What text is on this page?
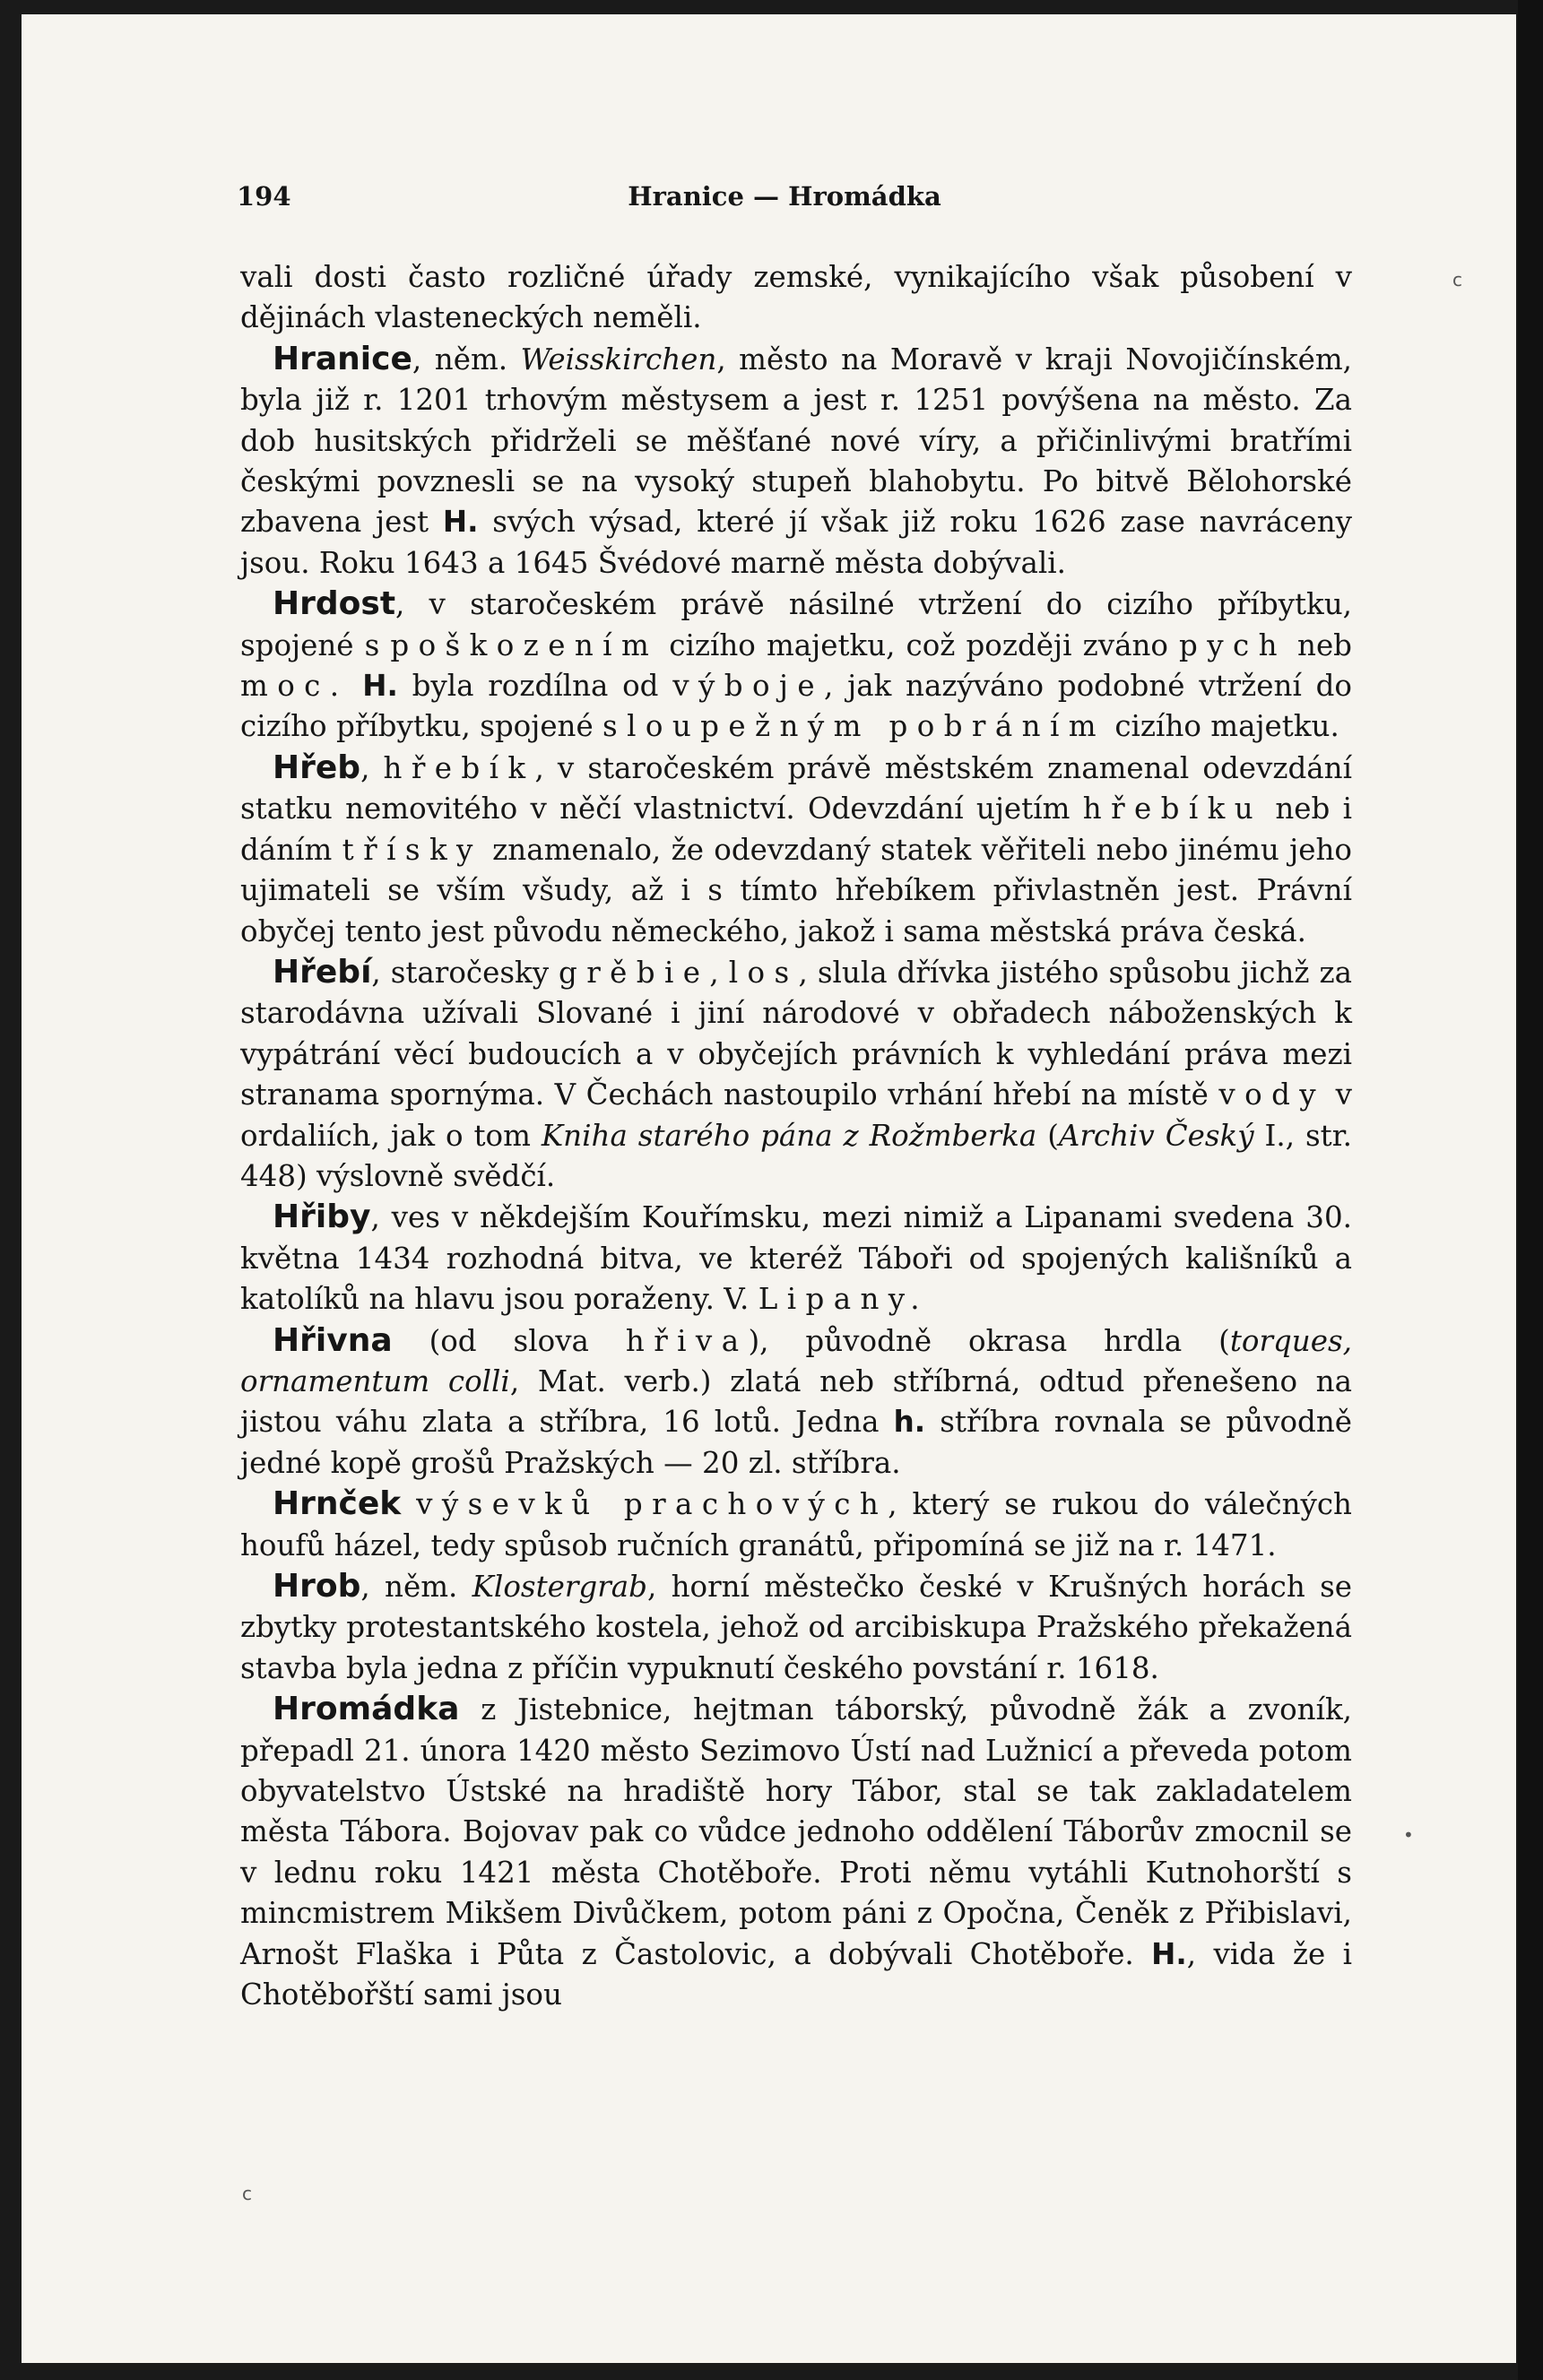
194	Hranice — Hromádka

vali dosti často rozličné úřady zemské, vynikajícího však působení v dějinách vlasteneckých neměli.

Hranice, něm. Weisskirchen, město na Moravě v kraji Novojičínském, byla již r. 1201 trhovým městysem a jest r. 1251 povýšena na město. Za dob husitských přidrželi se měšťané nové víry, a přičinlivými bratřími českými povznesli se na vysoký stupeň blahobytu. Po bitvě Bělohorské zbavena jest H. svých výsad, které jí však již roku 1626 zase navráceny jsou. Roku 1643 a 1645 Švédové marně města dobývali.

Hrdost, v staročeském právě násilné vtržení do cizího příbytku, spojené s poškozením cizího majetku, což později zváno pych neb moc. H. byla rozdílna od výboje, jak nazýváno podobné vtržení do cizího příbytku, spojené s loupežným pobráním cizího majetku.

Hřeb, hřebík, v staročeském právě městském znamenal odevzdání statku nemovitého v něčí vlastnictví. Odevzdání ujetím hřebíku neb i dáním třísky znamenalo, že odevzdaný statek věřiteli nebo jinému jeho ujimateli se vším všudy, až i s tímto hřebíkem přivlastněn jest. Právní obyčej tento jest původu německého, jakož i sama městská práva česká.

Hřebí, staročesky grěbie, los, slula dřívka jistého spůsobu jichž za starodávna užívali Slované i jiní národové v obřadech náboženských k vypátrání věcí budoucích a v obyčejích právních k vyhledání práva mezi stranama spornýma. V Čechách nastoupilo vrhání hřebí na místě vody v ordaliích, jak o tom Kniha starého pána z Rožmberka (Archiv Český I., str. 448) výslovně svědčí.

Hřiby, ves v někdejším Kouřímsku, mezi nimiž a Lipanami svedena 30. května 1434 rozhodná bitva, ve kteréž Táboři od spojených kališníků a katolíků na hlavu jsou poraženy. V. Lipany.

Hřivna (od slova hřiva), původně okrasa hrdla (torques, ornamentum colli, Mat. verb.) zlatá neb stříbrná, odtud přenešeno na jistou váhu zlata a stříbra, 16 lotů. Jedna h. stříbra rovnala se původně jedné kopě grošů Pražských — 20 zl. stříbra.

Hrnček výsevků prachových, který se rukou do válečných houfů házel, tedy spůsob ručních granátů, připomíná se již na r. 1471.

Hrob, něm. Klostergrab, horní městečko české v Krušných horách se zbytky protestantského kostela, jehož od arcibiskupa Pražského překažená stavba byla jedna z příčin vypuknutí českého povstání r. 1618.

Hromádka z Jistebnice, hejtman táborský, původně žák a zvoník, přepadl 21. února 1420 město Sezimovo Ústí nad Lužnicí a převeda potom obyvatelstvo Ústské na hradiště hory Tábor, stal se tak zakladatelem města Tábora. Bojovav pak co vůdce jednoho oddělení Táborův zmocnil se v lednu roku 1421 města Chotěboře. Proti němu vytáhli Kutnohorští s mincmistrem Mikšem Divůčkem, potom páni z Opočna, Čeněk z Přibislavi, Arnošt Flaška i Půta z Častolovic, a dobývali Chotěboře. H., vida že i Chotěbořští sami jsou

c
•
c
